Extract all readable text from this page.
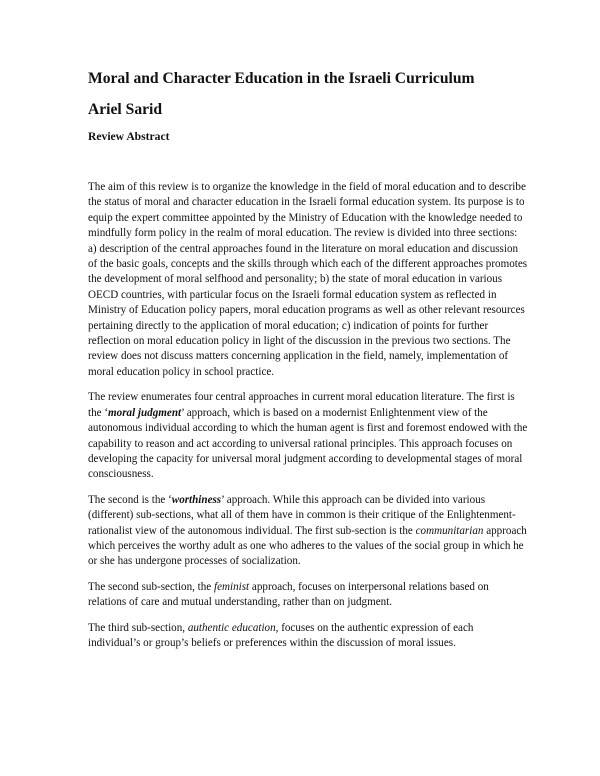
Moral and Character Education in the Israeli Curriculum
Ariel Sarid
Review Abstract

The aim of this review is to organize the knowledge in the field of moral education and to describe the status of moral and character education in the Israeli formal education system. Its purpose is to equip the expert committee appointed by the Ministry of Education with the knowledge needed to mindfully form policy in the realm of moral education. The review is divided into three sections: a) description of the central approaches found in the literature on moral education and discussion of the basic goals, concepts and the skills through which each of the different approaches promotes the development of moral selfhood and personality; b) the state of moral education in various OECD countries, with particular focus on the Israeli formal education system as reflected in Ministry of Education policy papers, moral education programs as well as other relevant resources pertaining directly to the application of moral education; c) indication of points for further reflection on moral education policy in light of the discussion in the previous two sections. The review does not discuss matters concerning application in the field, namely, implementation of moral education policy in school practice.

The review enumerates four central approaches in current moral education literature. The first is the ‘moral judgment’ approach, which is based on a modernist Enlightenment view of the autonomous individual according to which the human agent is first and foremost endowed with the capability to reason and act according to universal rational principles. This approach focuses on developing the capacity for universal moral judgment according to developmental stages of moral consciousness.

The second is the ‘worthiness’ approach. While this approach can be divided into various (different) sub-sections, what all of them have in common is their critique of the Enlightenment-rationalist view of the autonomous individual. The first sub-section is the communitarian approach which perceives the worthy adult as one who adheres to the values of the social group in which he or she has undergone processes of socialization.

The second sub-section, the feminist approach, focuses on interpersonal relations based on relations of care and mutual understanding, rather than on judgment.

The third sub-section, authentic education, focuses on the authentic expression of each individual’s or group’s beliefs or preferences within the discussion of moral issues.
